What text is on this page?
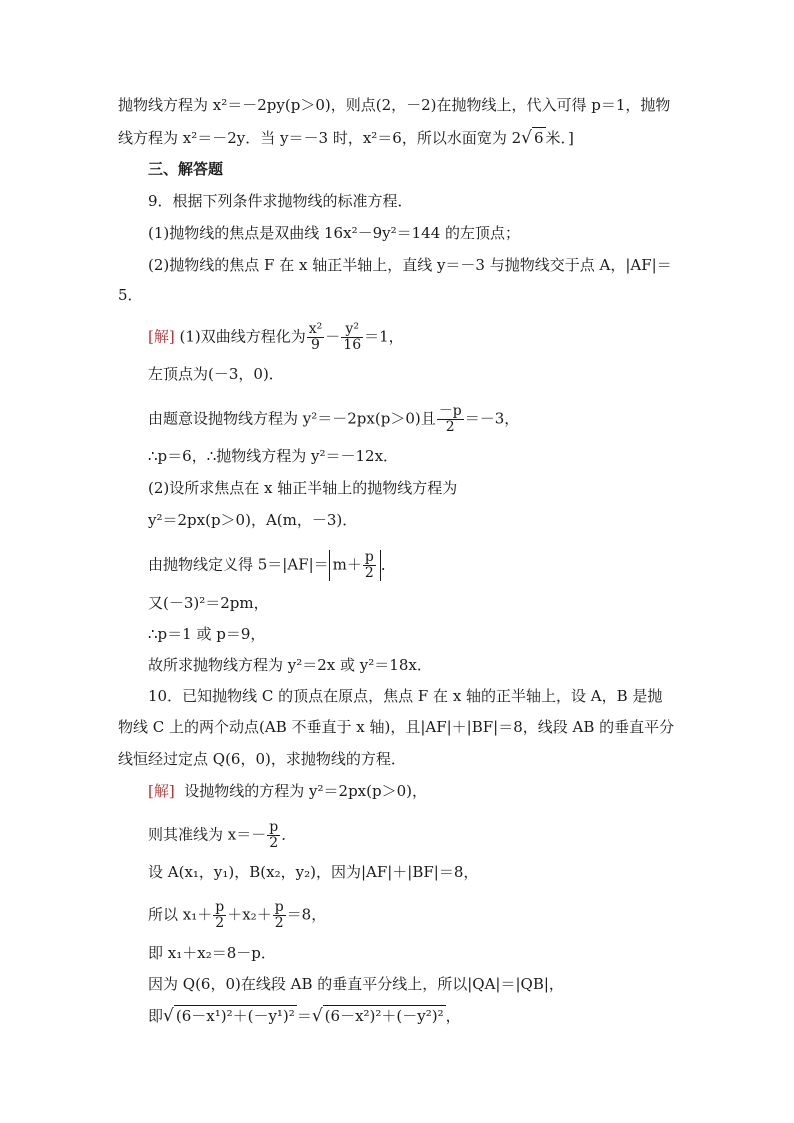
抛物线方程为 x²＝－2py(p＞0)，则点(2，－2)在抛物线上，代入可得 p＝1，抛物
线方程为 x²＝－2y．当 y＝－3 时，x²＝6，所以水面宽为 2√ 6 米．]
三、解答题
9．根据下列条件求抛物线的标准方程．
(1)抛物线的焦点是双曲线 16x²－9y²＝144 的左顶点；
(2)抛物线的焦点 F 在 x 轴正半轴上，直线 y＝－3 与抛物线交于点 A，|AF|＝
5．
[解] (1)双曲线方程化为 $\frac{\text{x²}}{9} - \frac{\text{y²}}{16} =1$，
左顶点为(－3，0)．
由题意设抛物线方程为 y²＝－2px(p＞0)且 $\frac{-p}{2} =-3$，
∴p＝6，∴抛物线方程为 y²＝－12x．
(2)设所求焦点在 x 轴正半轴上的抛物线方程为
y²＝2px(p＞0)，A(m，－3)．
由抛物线定义得 $5=|AF|= m+ \frac{p}{2}$ ．
又(－3)²＝2pm，
∴p＝1 或 p＝9，
故所求抛物线方程为 y²＝2x 或 y²＝18x．
10．已知抛物线 C 的顶点在原点，焦点 F 在 x 轴的正半轴上，设 A，B 是抛
物线 C 上的两个动点(AB 不垂直于 x 轴)，且|AF|＋|BF|＝8，线段 AB 的垂直平分
线恒经过定点 Q(6，0)，求抛物线的方程．
[解] 设抛物线的方程为 y²＝2px(p＞0)，
则其准线为 $x=- \frac{p}{2}$ ．
设 A(x₁，y₁)，B(x₂，y₂)，因为|AF|＋|BF|＝8，
所以 $x_1+ \frac{p}{2} +x_2+ \frac{p}{2} =8$，
即 x₁＋x₂＝8－p．
因为 Q(6，0)在线段 AB 的垂直平分线上，所以|QA|＝|QB|，
即√ (6－x¹)²＋(－y¹)² ＝√ (6－x²)²＋(－y²)² ，
